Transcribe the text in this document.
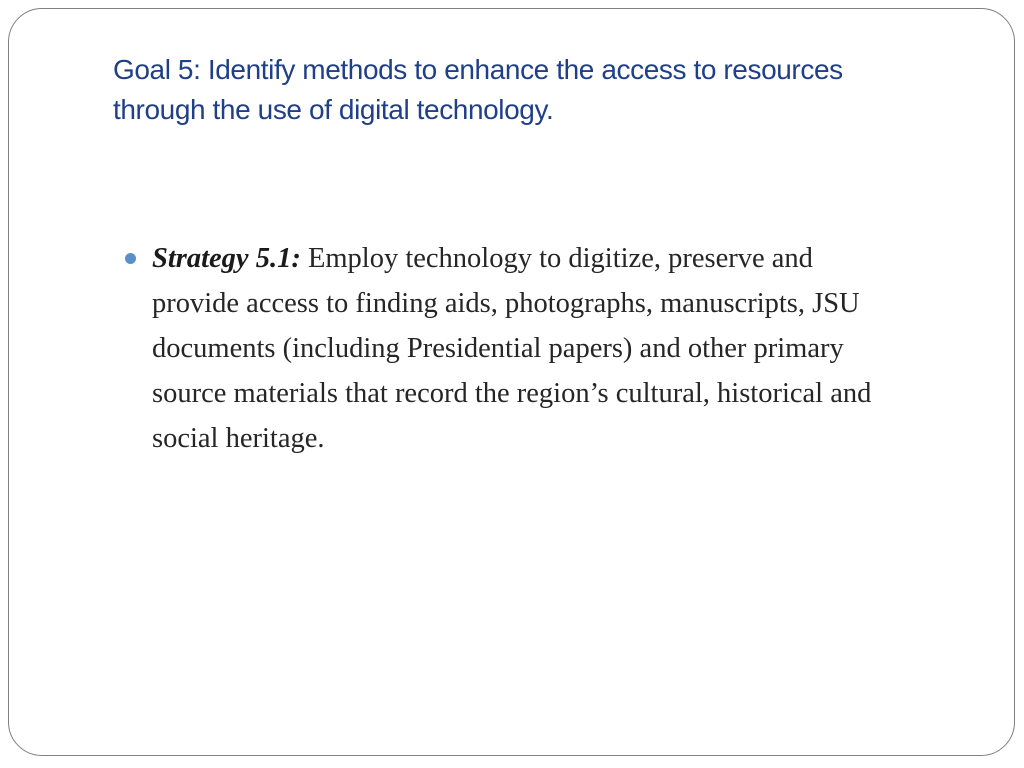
Goal 5: Identify methods to enhance the access to resources through the use of digital technology.
Strategy 5.1: Employ technology to digitize, preserve and provide access to finding aids, photographs, manuscripts, JSU documents (including Presidential papers) and other primary source materials that record the region’s cultural, historical and social heritage.
